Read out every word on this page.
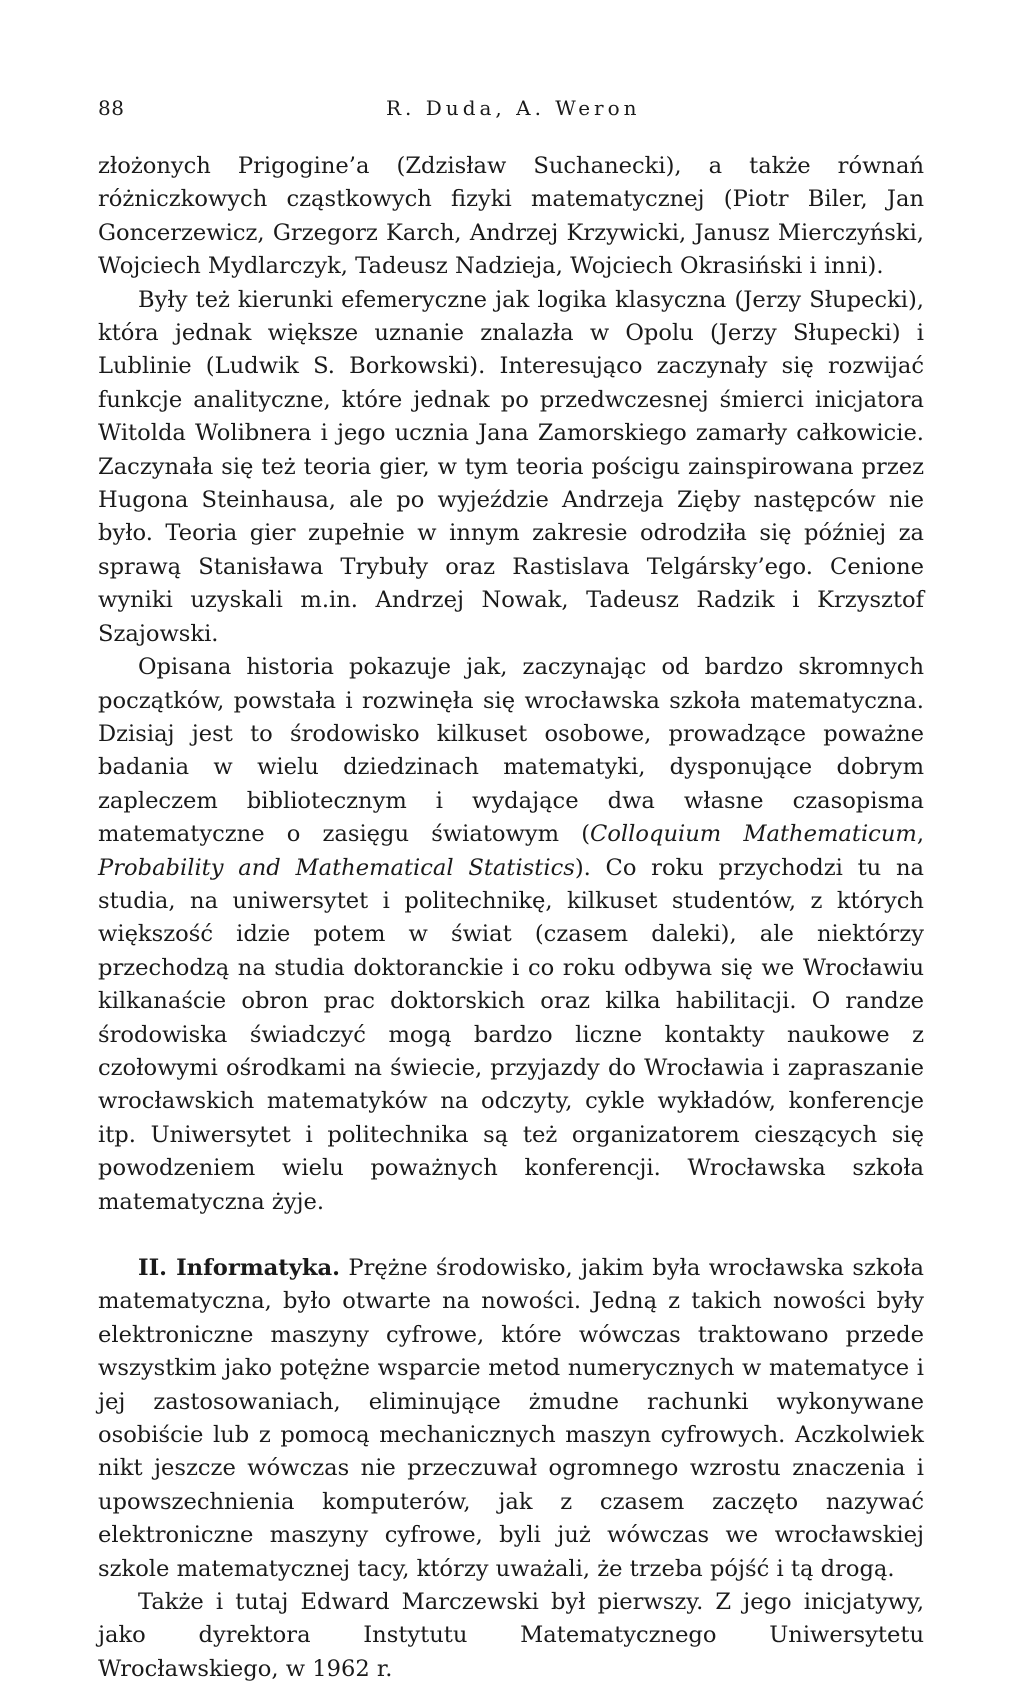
88	R. Duda, A. Weron

złożonych Prigogine’a (Zdzisław Suchanecki), a także równań różniczkowych cząstkowych fizyki matematycznej (Piotr Biler, Jan Goncerzewicz, Grzegorz Karch, Andrzej Krzywicki, Janusz Mierczyński, Wojciech Mydlarczyk, Tadeusz Nadzieja, Wojciech Okrasiński i inni).

Były też kierunki efemeryczne jak logika klasyczna (Jerzy Słupecki), która jednak większe uznanie znalazła w Opolu (Jerzy Słupecki) i Lublinie (Ludwik S. Borkowski). Interesująco zaczynały się rozwijać funkcje analityczne, które jednak po przedwczesnej śmierci inicjatora Witolda Wolibnera i jego ucznia Jana Zamorskiego zamarły całkowicie. Zaczynała się też teoria gier, w tym teoria pościgu zainspirowana przez Hugona Steinhausa, ale po wyjeździe Andrzeja Zięby następców nie było. Teoria gier zupełnie w innym zakresie odrodziła się później za sprawą Stanisława Trybuły oraz Rastislava Telgársky’ego. Cenione wyniki uzyskali m.in. Andrzej Nowak, Tadeusz Radzik i Krzysztof Szajowski.

Opisana historia pokazuje jak, zaczynając od bardzo skromnych początków, powstała i rozwinęła się wrocławska szkoła matematyczna. Dzisiaj jest to środowisko kilkuset osobowe, prowadzące poważne badania w wielu dziedzinach matematyki, dysponujące dobrym zapleczem bibliotecznym i wydające dwa własne czasopisma matematyczne o zasięgu światowym (Colloquium Mathematicum, Probability and Mathematical Statistics). Co roku przychodzi tu na studia, na uniwersytet i politechnikę, kilkuset studentów, z których większość idzie potem w świat (czasem daleki), ale niektórzy przechodzą na studia doktoranckie i co roku odbywa się we Wrocławiu kilkanaście obron prac doktorskich oraz kilka habilitacji. O randze środowiska świadczyć mogą bardzo liczne kontakty naukowe z czołowymi ośrodkami na świecie, przyjazdy do Wrocławia i zapraszanie wrocławskich matematyków na odczyty, cykle wykładów, konferencje itp. Uniwersytet i politechnika są też organizatorem cieszących się powodzeniem wielu poważnych konferencji. Wrocławska szkoła matematyczna żyje.

II. Informatyka. Prężne środowisko, jakim była wrocławska szkoła matematyczna, było otwarte na nowości. Jedną z takich nowości były elektroniczne maszyny cyfrowe, które wówczas traktowano przede wszystkim jako potężne wsparcie metod numerycznych w matematyce i jej zastosowaniach, eliminujące żmudne rachunki wykonywane osobiście lub z pomocą mechanicznych maszyn cyfrowych. Aczkolwiek nikt jeszcze wówczas nie przeczuwał ogromnego wzrostu znaczenia i upowszechnienia komputerów, jak z czasem zaczęto nazywać elektroniczne maszyny cyfrowe, byli już wówczas we wrocławskiej szkole matematycznej tacy, którzy uważali, że trzeba pójść i tą drogą.

Także i tutaj Edward Marczewski był pierwszy. Z jego inicjatywy, jako dyrektora Instytutu Matematycznego Uniwersytetu Wrocławskiego, w 1962 r.
